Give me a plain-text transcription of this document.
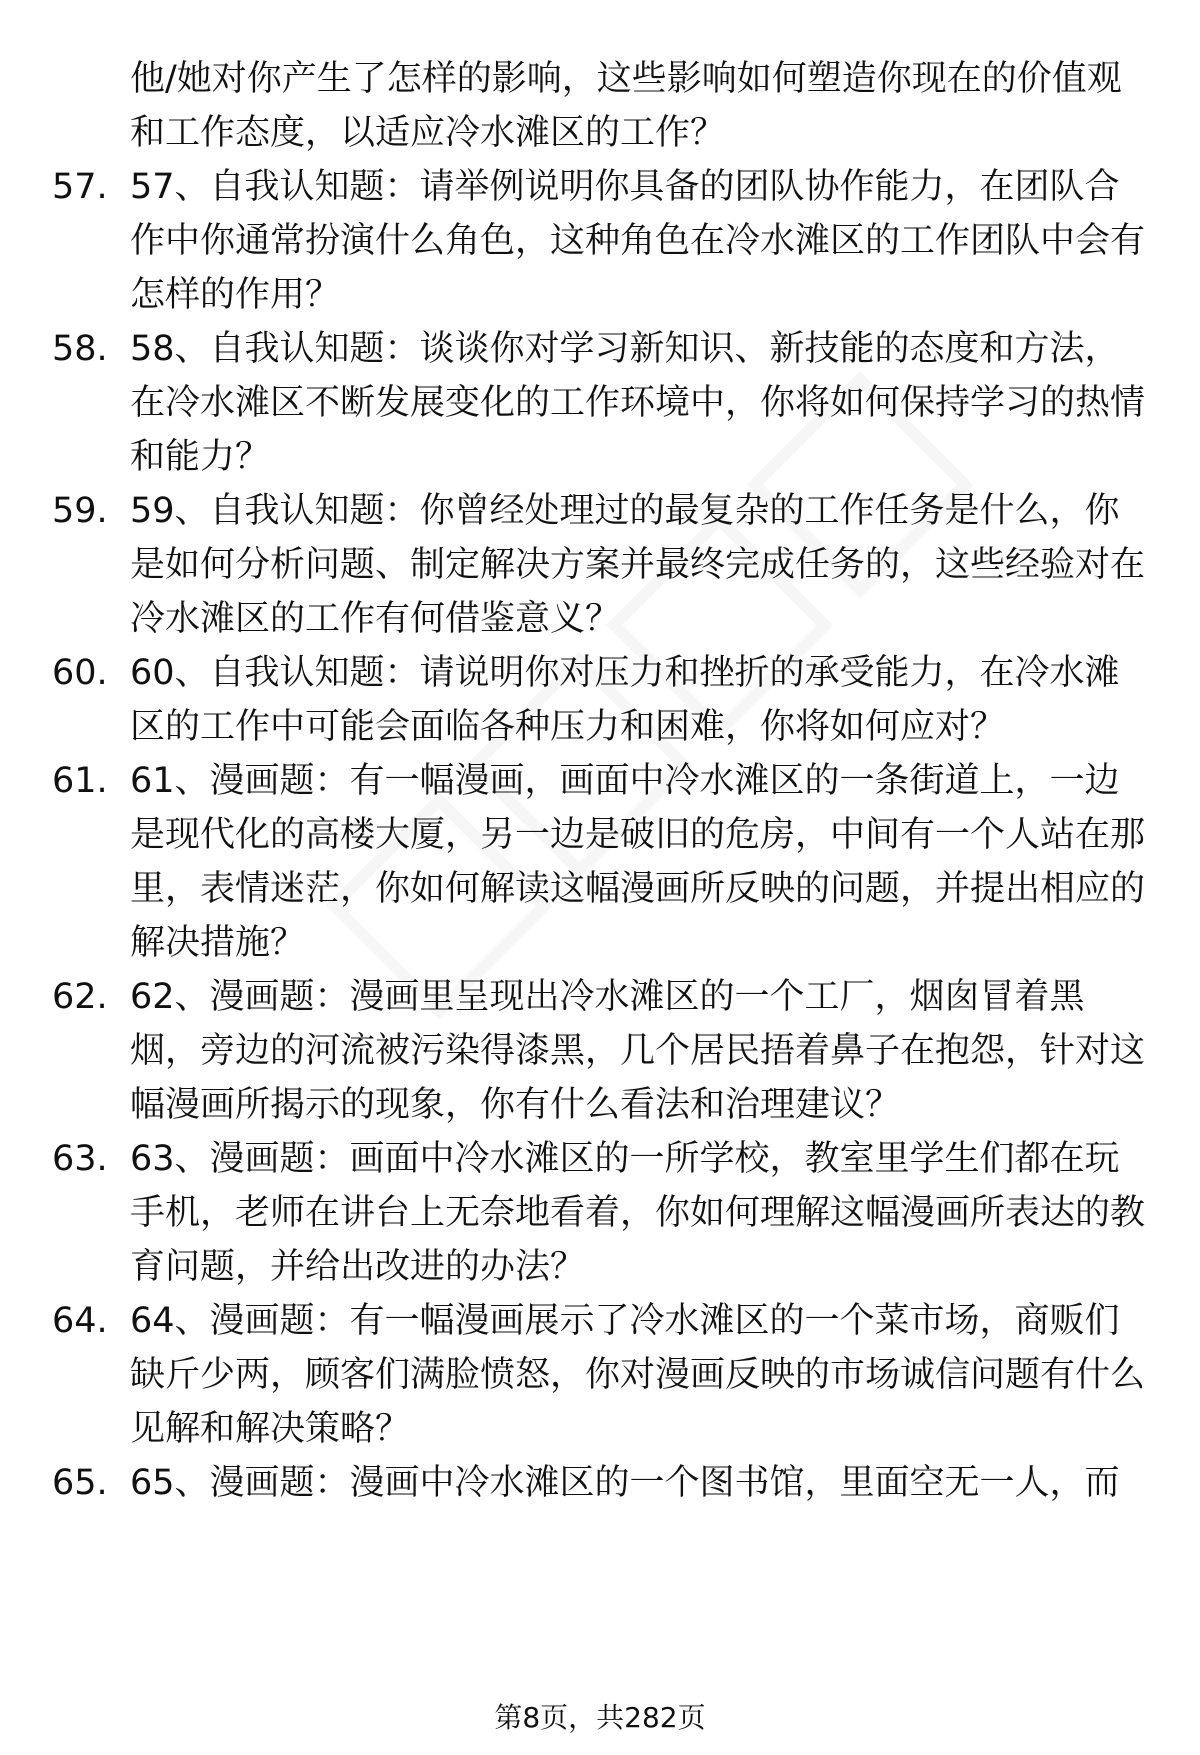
他/她对你产生了怎样的影响，这些影响如何塑造你现在的价值观和工作态度，以适应冷水滩区的工作？
57. 57、自我认知题：请举例说明你具备的团队协作能力，在团队合作中你通常扮演什么角色，这种角色在冷水滩区的工作团队中会有怎样的作用？
58. 58、自我认知题：谈谈你对学习新知识、新技能的态度和方法，在冷水滩区不断发展变化的工作环境中，你将如何保持学习的热情和能力？
59. 59、自我认知题：你曾经处理过的最复杂的工作任务是什么，你是如何分析问题、制定解决方案并最终完成任务的，这些经验对在冷水滩区的工作有何借鉴意义？
60. 60、自我认知题：请说明你对压力和挫折的承受能力，在冷水滩区的工作中可能会面临各种压力和困难，你将如何应对？
61. 61、漫画题：有一幅漫画，画面中冷水滩区的一条街道上，一边是现代化的高楼大厦，另一边是破旧的危房，中间有一个人站在那里，表情迷茫，你如何解读这幅漫画所反映的问题，并提出相应的解决措施？
62. 62、漫画题：漫画里呈现出冷水滩区的一个工厂，烟囱冒着黑烟，旁边的河流被污染得漆黑，几个居民捂着鼻子在抱怨，针对这幅漫画所揭示的现象，你有什么看法和治理建议？
63. 63、漫画题：画面中冷水滩区的一所学校，教室里学生们都在玩手机，老师在讲台上无奈地看着，你如何理解这幅漫画所表达的教育问题，并给出改进的办法？
64. 64、漫画题：有一幅漫画展示了冷水滩区的一个菜市场，商贩们缺斤少两，顾客们满脸愤怒，你对漫画反映的市场诚信问题有什么见解和解决策略？
65. 65、漫画题：漫画中冷水滩区的一个图书馆，里面空无一人，而
第8页，共282页
